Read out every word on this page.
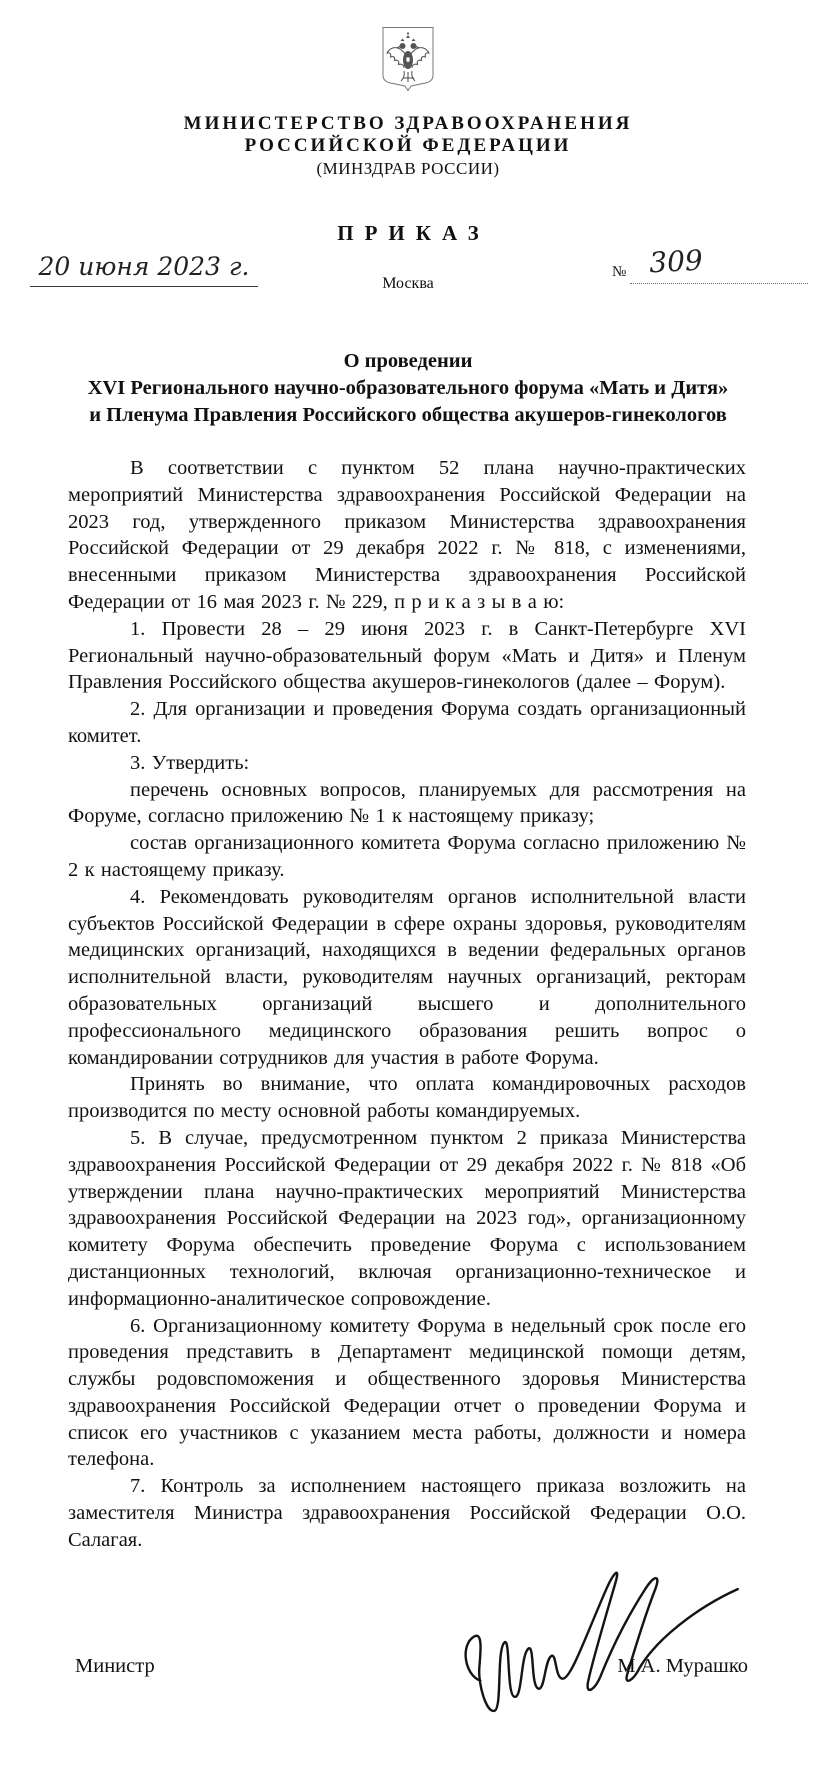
МИНИСТЕРСТВО ЗДРАВООХРАНЕНИЯ
РОССИЙСКОЙ ФЕДЕРАЦИИ
(МИНЗДРАВ РОССИИ)
ПРИКАЗ
20 июня 2023 г.
Москва
№ 309
О проведении
XVI Регионального научно-образовательного форума «Мать и Дитя»
и Пленума Правления Российского общества акушеров-гинекологов

В соответствии с пунктом 52 плана научно-практических мероприятий Министерства здравоохранения Российской Федерации на 2023 год, утвержденного приказом Министерства здравоохранения Российской Федерации от 29 декабря 2022 г. № 818, с изменениями, внесенными приказом Министерства здравоохранения Российской Федерации от 16 мая 2023 г. № 229, п р и к а з ы в а ю:

1. Провести 28 – 29 июня 2023 г. в Санкт-Петербурге XVI Региональный научно-образовательный форум «Мать и Дитя» и Пленум Правления Российского общества акушеров-гинекологов (далее – Форум).

2. Для организации и проведения Форума создать организационный комитет.

3. Утвердить:

перечень основных вопросов, планируемых для рассмотрения на Форуме, согласно приложению № 1 к настоящему приказу;

состав организационного комитета Форума согласно приложению № 2 к настоящему приказу.

4. Рекомендовать руководителям органов исполнительной власти субъектов Российской Федерации в сфере охраны здоровья, руководителям медицинских организаций, находящихся в ведении федеральных органов исполнительной власти, руководителям научных организаций, ректорам образовательных организаций высшего и дополнительного профессионального медицинского образования решить вопрос о командировании сотрудников для участия в работе Форума.

Принять во внимание, что оплата командировочных расходов производится по месту основной работы командируемых.

5. В случае, предусмотренном пунктом 2 приказа Министерства здравоохранения Российской Федерации от 29 декабря 2022 г. № 818 «Об утверждении плана научно-практических мероприятий Министерства здравоохранения Российской Федерации на 2023 год», организационному комитету Форума обеспечить проведение Форума с использованием дистанционных технологий, включая организационно-техническое и информационно-аналитическое сопровождение.

6. Организационному комитету Форума в недельный срок после его проведения представить в Департамент медицинской помощи детям, службы родовспоможения и общественного здоровья Министерства здравоохранения Российской Федерации отчет о проведении Форума и список его участников с указанием места работы, должности и номера телефона.

7. Контроль за исполнением настоящего приказа возложить на заместителя Министра здравоохранения Российской Федерации О.О. Салагая.

Министр	М.А. Мурашко
